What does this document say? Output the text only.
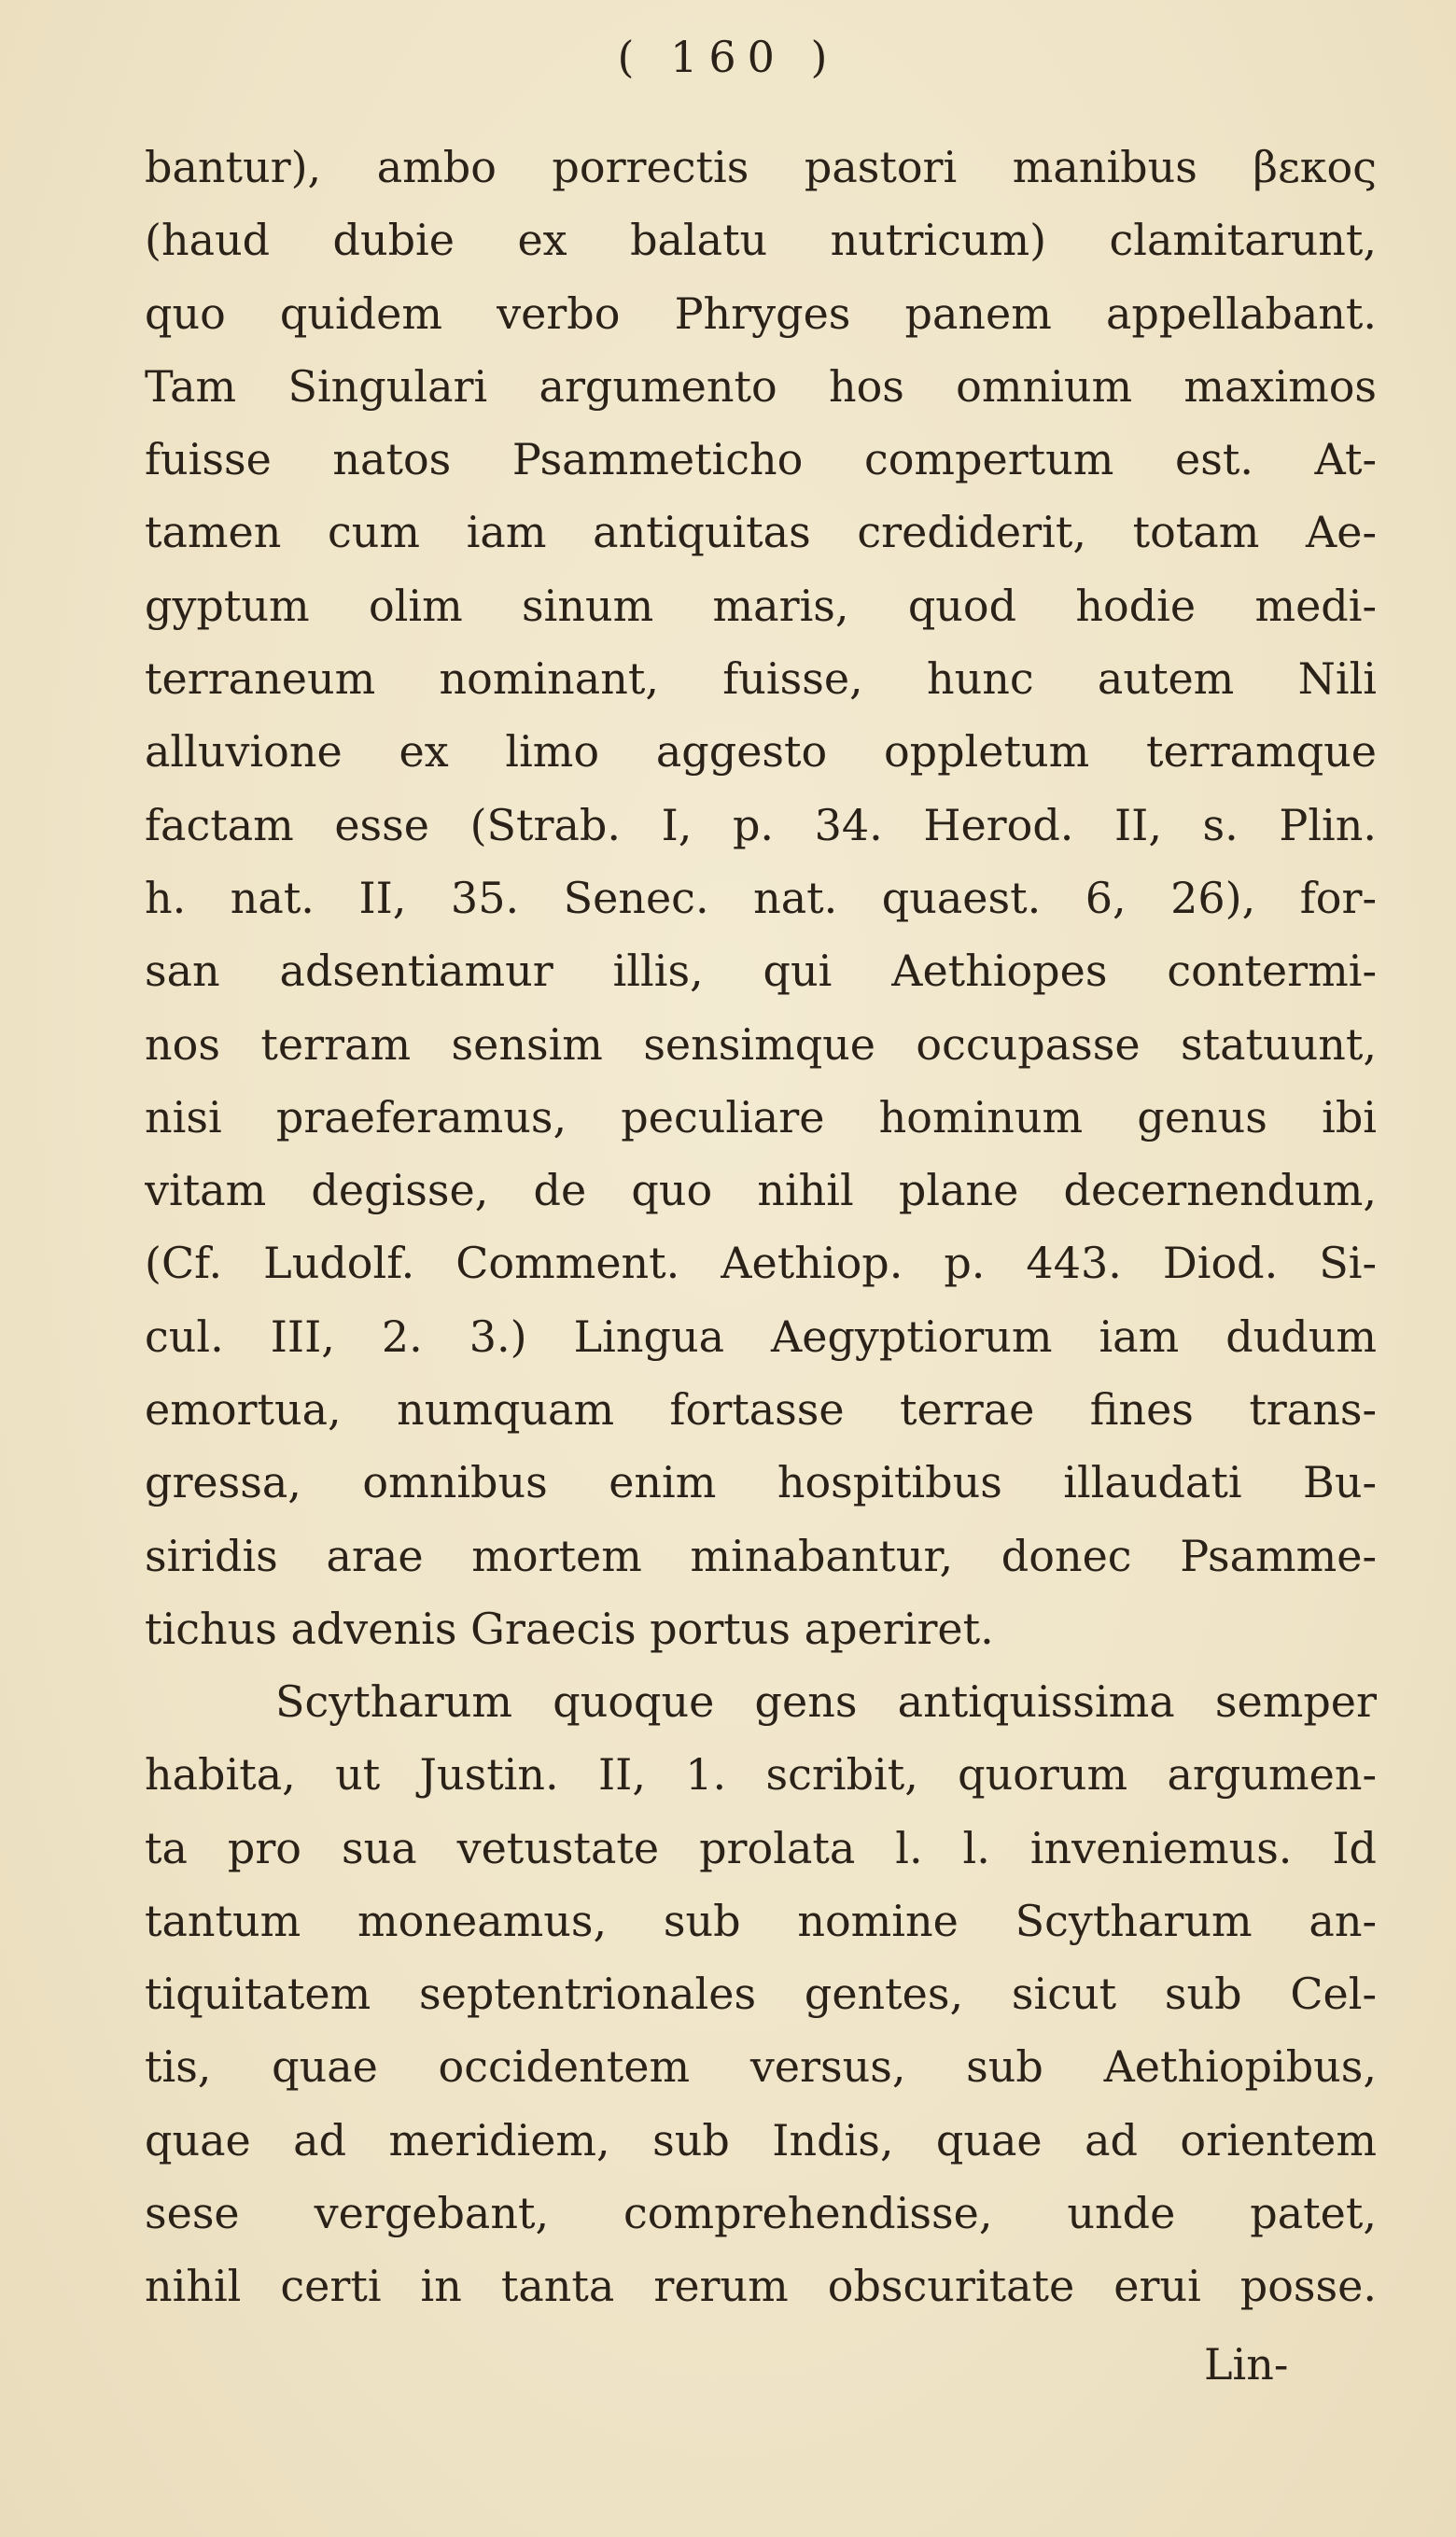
( 160 )
bantur), ambo porrectis pastori manibus βεκος
(haud dubie ex balatu nutricum) clamitarunt,
quo quidem verbo Phryges panem appellabant.
Tam Singulari argumento hos omnium maximos
fuisse natos Psammeticho compertum est. At-
tamen cum iam antiquitas crediderit, totam Ae-
gyptum olim sinum maris, quod hodie medi-
terraneum nominant, fuisse, hunc autem Nili
alluvione ex limo aggesto oppletum terramque
factam esse (Strab. I, p. 34. Herod. II, s. Plin.
h. nat. II, 35. Senec. nat. quaest. 6, 26), for-
san adsentiamur illis, qui Aethiopes contermi-
nos terram sensim sensimque occupasse statuunt,
nisi praeferamus, peculiare hominum genus ibi
vitam degisse, de quo nihil plane decernendum,
(Cf. Ludolf. Comment. Aethiop. p. 443. Diod. Si-
cul. III, 2. 3.) Lingua Aegyptiorum iam dudum
emortua, numquam fortasse terrae fines trans-
gressa, omnibus enim hospitibus illaudati Bu-
siridis arae mortem minabantur, donec Psamme-
tichus advenis Graecis portus aperiret.
Scytharum quoque gens antiquissima semper
habita, ut Justin. II, 1. scribit, quorum argumen-
ta pro sua vetustate prolata l. l. inveniemus. Id
tantum moneamus, sub nomine Scytharum an-
tiquitatem septentrionales gentes, sicut sub Cel-
tis, quae occidentem versus, sub Aethiopibus,
quae ad meridiem, sub Indis, quae ad orientem
sese vergebant, comprehendisse, unde patet,
nihil certi in tanta rerum obscuritate erui posse.
Lin-
